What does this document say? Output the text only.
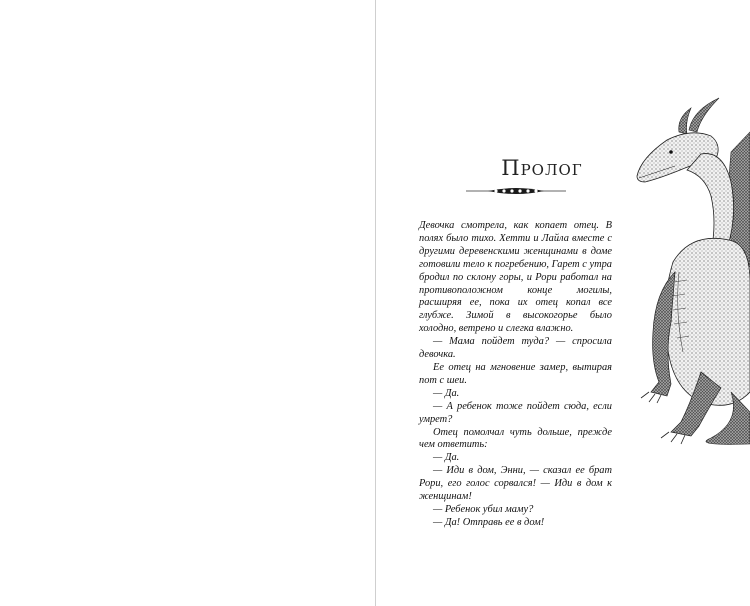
Пролог

Девочка смотрела, как копает отец. В полях было тихо. Хетти и Лайла вместе с другими деревенскими женщинами в доме готовили тело к погребению, Гарет с утра бродил по склону горы, и Рори работал на противоположном конце могилы, расширяя ее, пока их отец копал все глубже. Зимой в высокогорье было холодно, ветрено и слегка влажно.

— Мама пойдет туда? — спросила девочка.

Ее отец на мгновение замер, вытирая пот с шеи.

— Да.

— А ребенок тоже пойдет сюда, если умрет?

Отец помолчал чуть дольше, прежде чем ответить:

— Да.

— Иди в дом, Энни, — сказал ее брат Рори, его голос сорвался! — Иди в дом к женщинам!

— Ребенок убил маму?

— Да! Отправь ее в дом!
